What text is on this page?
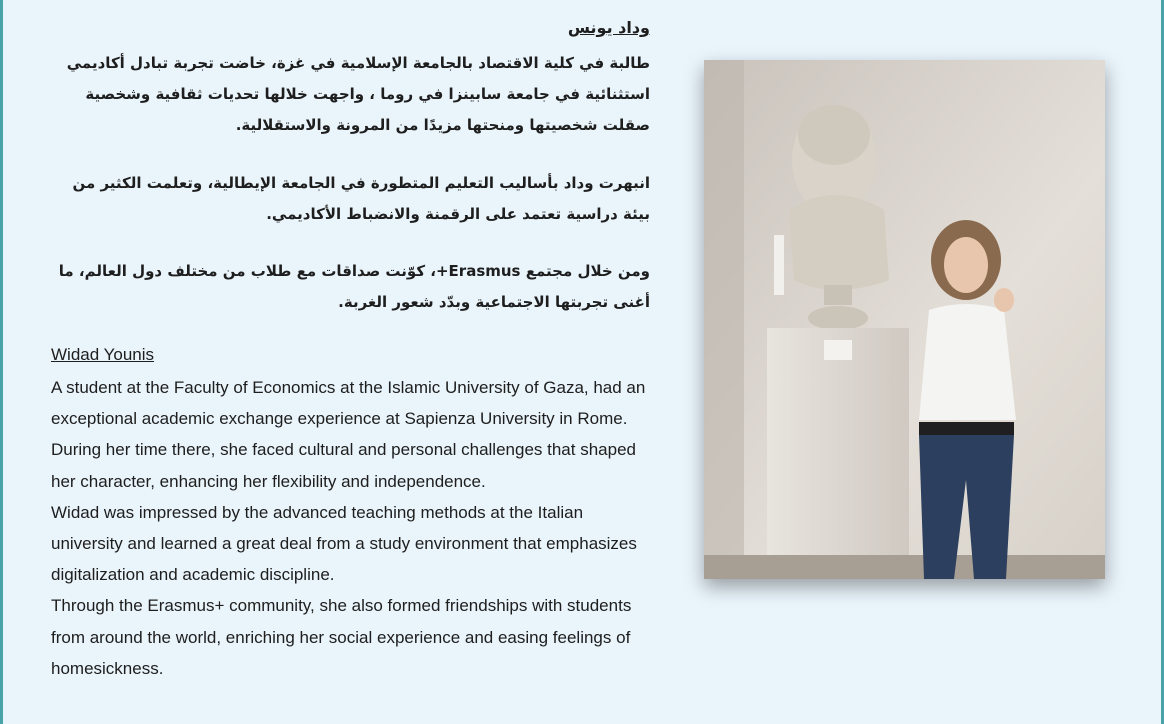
وداد يونس
طالبة في كلية الاقتصاد بالجامعة الإسلامية في غزة، خاضت تجربة تبادل أكاديمي استثنائية في جامعة سابينزا في روما ، واجهت خلالها تحديات ثقافية وشخصية صقلت شخصيتها ومنحتها مزيدًا من المرونة والاستقلالية.
انبهرت وداد بأساليب التعليم المتطورة في الجامعة الإيطالية، وتعلمت الكثير من بيئة دراسية تعتمد على الرقمنة والانضباط الأكاديمي.
ومن خلال مجتمع Erasmus+، كوّنت صداقات مع طلاب من مختلف دول العالم، ما أغنى تجربتها الاجتماعية وبدّد شعور الغربة.
Widad Younis

A student at the Faculty of Economics at the Islamic University of Gaza, had an exceptional academic exchange experience at Sapienza University in Rome. During her time there, she faced cultural and personal challenges that shaped her character, enhancing her flexibility and independence.

Widad was impressed by the advanced teaching methods at the Italian university and learned a great deal from a study environment that emphasizes digitalization and academic discipline.

Through the Erasmus+ community, she also formed friendships with students from around the world, enriching her social experience and easing feelings of homesickness.
